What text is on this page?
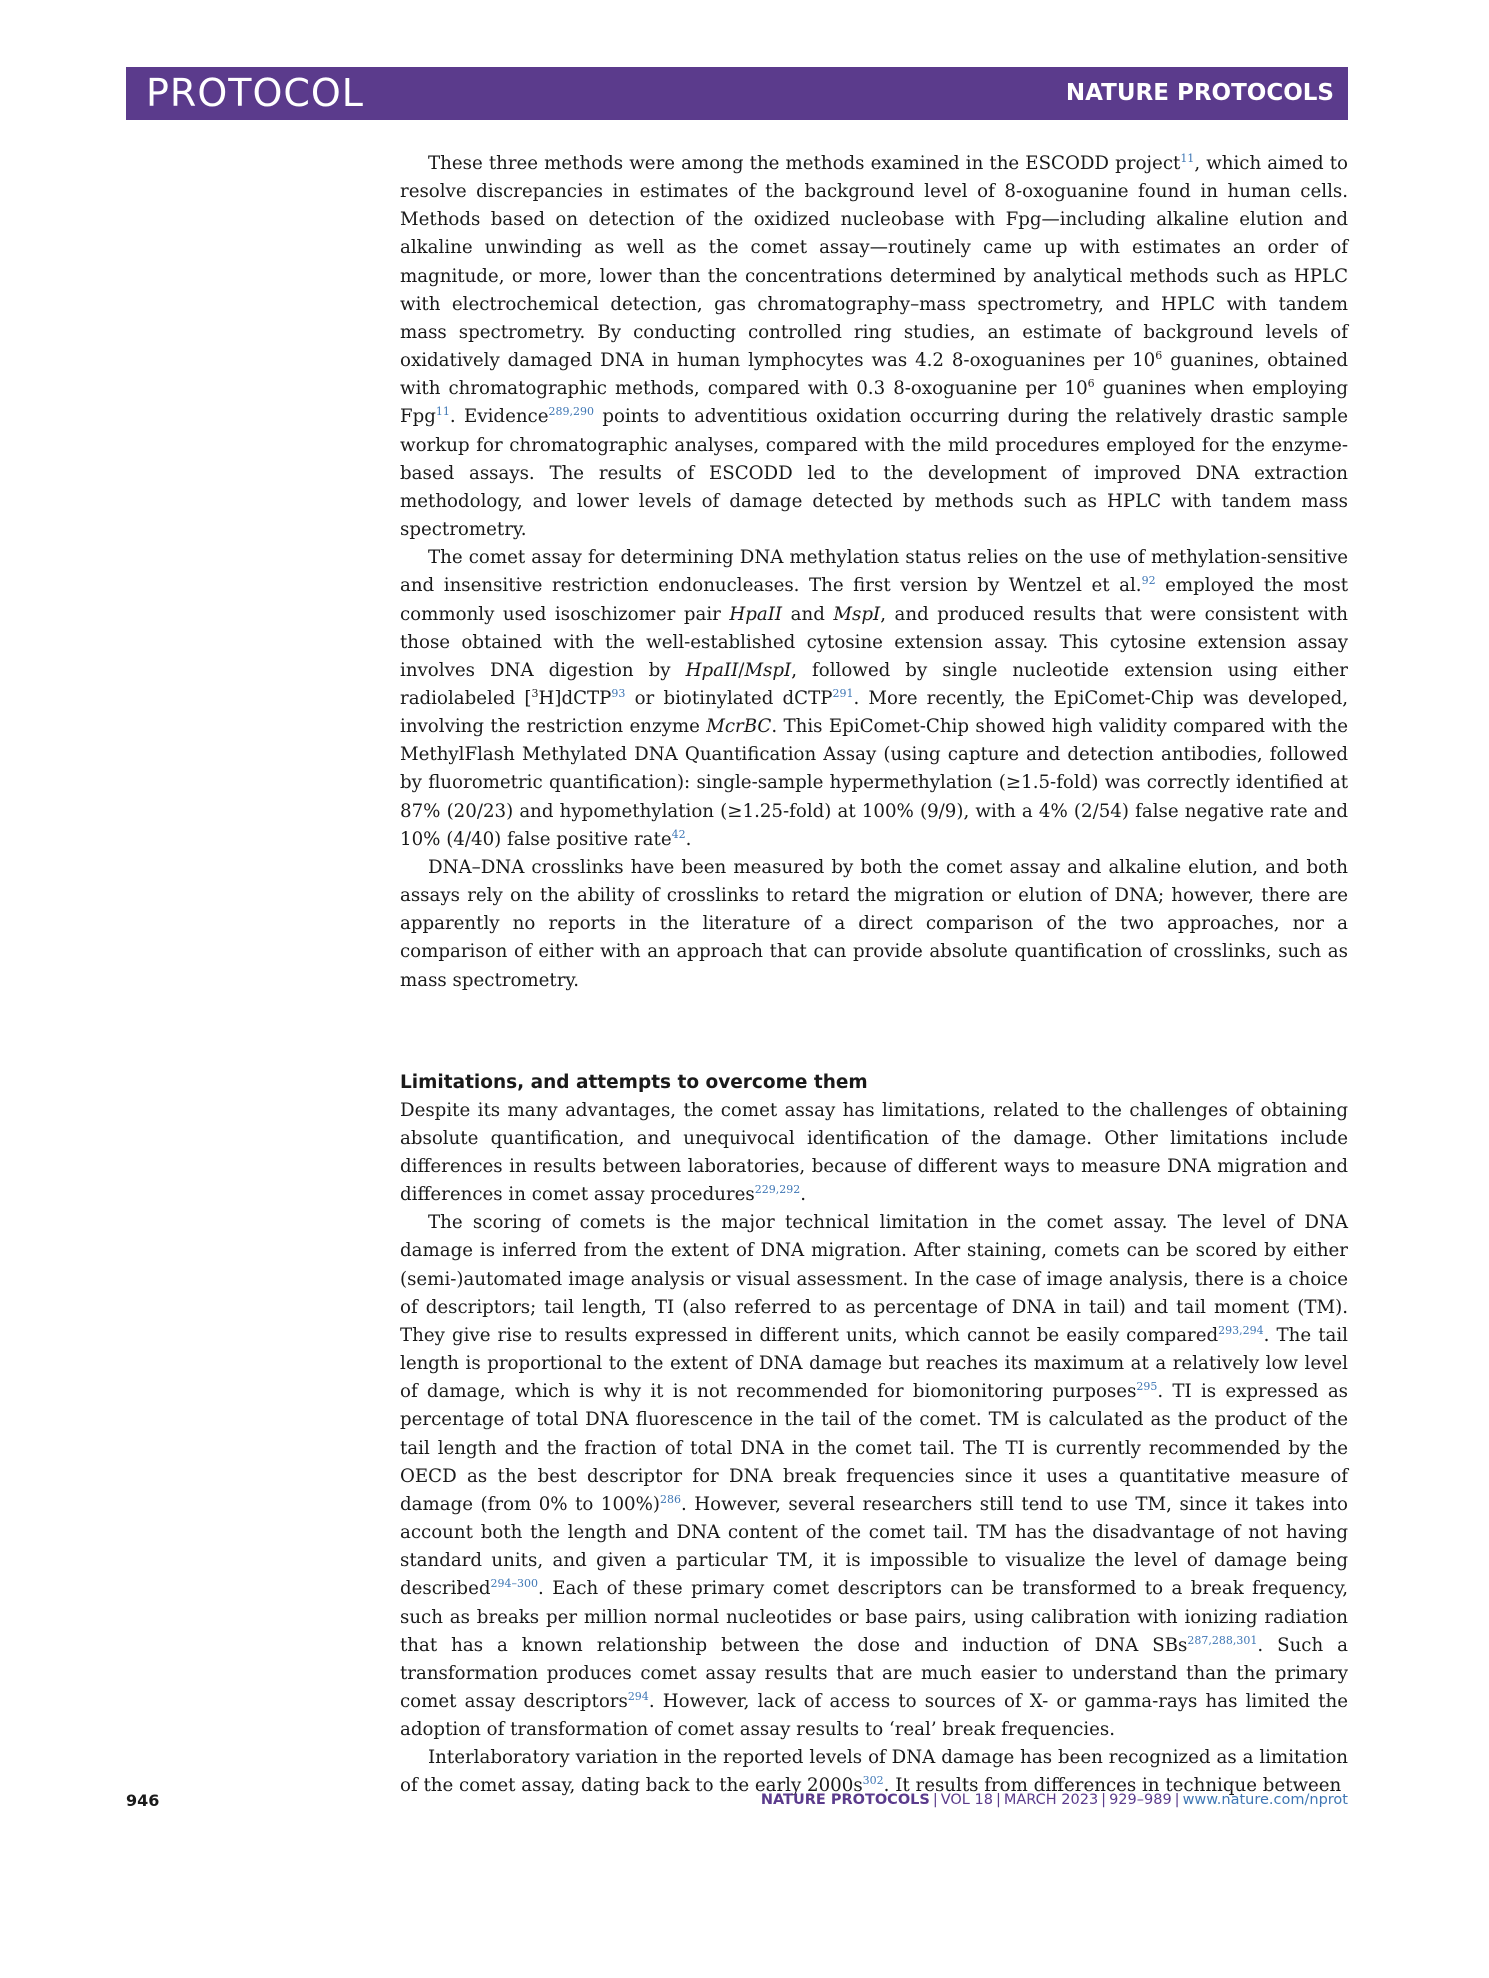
PROTOCOL	NATURE PROTOCOLS

These three methods were among the methods examined in the ESCODD project$^{11}$, which aimed to resolve discrepancies in estimates of the background level of 8-oxoguanine found in human cells. Methods based on detection of the oxidized nucleobase with Fpg—including alkaline elution and alkaline unwinding as well as the comet assay—routinely came up with estimates an order of magnitude, or more, lower than the concentrations determined by analytical methods such as HPLC with electrochemical detection, gas chromatography–mass spectrometry, and HPLC with tandem mass spectrometry. By conducting controlled ring studies, an estimate of background levels of oxidatively damaged DNA in human lymphocytes was 4.2 8-oxoguanines per $10^6$ guanines, obtained with chromatographic methods, compared with 0.3 8-oxoguanine per $10^6$ guanines when employing Fpg$^{11}$. Evidence$^{289,290}$ points to adventitious oxidation occurring during the relatively drastic sample workup for chromatographic analyses, compared with the mild procedures employed for the enzyme-based assays. The results of ESCODD led to the development of improved DNA extraction methodology, and lower levels of damage detected by methods such as HPLC with tandem mass spectrometry.

The comet assay for determining DNA methylation status relies on the use of methylation-sensitive and insensitive restriction endonucleases. The first version by Wentzel et al.$^{92}$ employed the most commonly used isoschizomer pair HpaII and MspI, and produced results that were consistent with those obtained with the well-established cytosine extension assay. This cytosine extension assay involves DNA digestion by HpaII/MspI, followed by single nucleotide extension using either radiolabeled [$^3$H]dCTP$^{93}$ or biotinylated dCTP$^{291}$. More recently, the EpiComet-Chip was developed, involving the restriction enzyme McrBC. This EpiComet-Chip showed high validity compared with the MethylFlash Methylated DNA Quantification Assay (using capture and detection antibodies, followed by fluorometric quantification): single-sample hypermethylation (≥1.5-fold) was correctly identified at 87% (20/23) and hypomethylation (≥1.25-fold) at 100% (9/9), with a 4% (2/54) false negative rate and 10% (4/40) false positive rate$^{42}$.

DNA–DNA crosslinks have been measured by both the comet assay and alkaline elution, and both assays rely on the ability of crosslinks to retard the migration or elution of DNA; however, there are apparently no reports in the literature of a direct comparison of the two approaches, nor a comparison of either with an approach that can provide absolute quantification of crosslinks, such as mass spectrometry.

Limitations, and attempts to overcome them

Despite its many advantages, the comet assay has limitations, related to the challenges of obtaining absolute quantification, and unequivocal identification of the damage. Other limitations include differences in results between laboratories, because of different ways to measure DNA migration and differences in comet assay procedures$^{229,292}$.

The scoring of comets is the major technical limitation in the comet assay. The level of DNA damage is inferred from the extent of DNA migration. After staining, comets can be scored by either (semi-)automated image analysis or visual assessment. In the case of image analysis, there is a choice of descriptors; tail length, TI (also referred to as percentage of DNA in tail) and tail moment (TM). They give rise to results expressed in different units, which cannot be easily compared$^{293,294}$. The tail length is proportional to the extent of DNA damage but reaches its maximum at a relatively low level of damage, which is why it is not recommended for biomonitoring purposes$^{295}$. TI is expressed as percentage of total DNA fluorescence in the tail of the comet. TM is calculated as the product of the tail length and the fraction of total DNA in the comet tail. The TI is currently recommended by the OECD as the best descriptor for DNA break frequencies since it uses a quantitative measure of damage (from 0% to 100%)$^{286}$. However, several researchers still tend to use TM, since it takes into account both the length and DNA content of the comet tail. TM has the disadvantage of not having standard units, and given a particular TM, it is impossible to visualize the level of damage being described$^{294-300}$. Each of these primary comet descriptors can be transformed to a break frequency, such as breaks per million normal nucleotides or base pairs, using calibration with ionizing radiation that has a known relationship between the dose and induction of DNA SBs$^{287,288,301}$. Such a transformation produces comet assay results that are much easier to understand than the primary comet assay descriptors$^{294}$. However, lack of access to sources of X- or gamma-rays has limited the adoption of transformation of comet assay results to ‘real’ break frequencies.

Interlaboratory variation in the reported levels of DNA damage has been recognized as a limitation of the comet assay, dating back to the early $2000s^{302}$. It results from differences in technique between

946	NATURE PROTOCOLS | VOL 18 | MARCH 2023 | 929–989 | www.nature.com/nprot
